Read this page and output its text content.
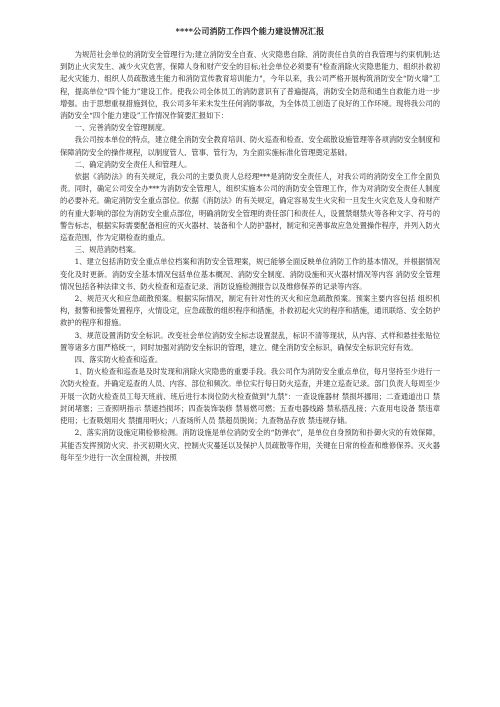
****公司消防工作四个能力建设情况汇报

为规范社会单位的消防安全管理行为;建立消防安全自查、火灾隐患自除、消防责任自负的自我管理与约束机制;达到防止火灾发生、减少火灾危害，保障人身和财产安全的目标;社会单位必须要有"检查消除火灾隐患能力、组织扑救初起火灾能力、组织人员疏散逃生能力和消防宣传教育培训能力"，今年以来，我公司严格开展构筑消防安全“防火墙”工程，提高单位“四个能力”建设工作。使我公司全体员工的消防意识有了普遍提高，消防安全防范和通生自救能力进一步增强。由于思想重视措施到位，我公司多年来未发生任何消防事故，为全体员工创造了良好的工作环境。现将我公司的消防安全“四个能力建设”工作情况作简要汇报如下：

一、完善消防安全管理制度。

我公司按本单位的特点，建立健全消防安全教育培训、防火巡查和检查、安全疏散设施管理等各项消防安全制度和保障消防安全的操作规程，以制度管人、管事、管行为，为全面实施标准化管理奠定基础。

二、确定消防安全责任人和管理人。

依据《消防法》的有关规定，我公司的主要负责人总经理***是消防安全责任人，对我公司的消防安全工作全面负责。同时，确定公司安全办***为消防安全管理人，组织实施本公司的消防安全管理工作，作为对消防安全责任人制度的必要补充。确定消防安全重点部位。依据《消防法》的有关规定，确定容易发生火灾和一旦发生火灾危及人身和财产的有重大影响的部位为消防安全重点部位，明确消防安全管理的责任部门和责任人，设置禁烟禁火等各种文字、符号的警告标志，根据实际需要配备相应的灭火器材、装备和个人防护器材，制定和完善事故应急处置操作程序，并列入防火巡查范围，作为定期检查的重点。

三、规范消防档案。

1、建立包括消防安全重点单位档案和消防安全管理案，规已能够全面反映单位消防工作的基本情况，并根据情况变化及时更新。消防安全基本情况包括单位基本概况、消防安全制度、消防设施和灭火器材情况等内容 消防安全管理情况包括各种法律文书、防火检查和巡查记录、消防设施检测报告以及维修保养的记录等内容。

2、规范灭火和应急疏散预案。根据实际情况，制定有针对性的灭火和应急疏散预案。预案主要内容包括 组织机构，报警和接警处置程序，火情设定，应急疏散的组织程序和措施，扑救初起火灾的程序和措施，通讯联络、安全防护救护的程序和措施。

3、规范设置消防安全标识。改变社会单位消防安全标志设置混乱，标识不清等现状，从内容、式样和悬挂张贴位置等诸多方面严格统一，同时加强对消防安全标识的管理，建立、健全消防安全标识，确保安全标识完好有效。

四、落实防火检查和巡查。

1、防火检查和巡查是及时发现和消除火灾隐患的重要手段。我公司作为消防安全重点单位，每月坚持至少进行一次防火检查。并确定巡查的人员、内容、部位和频次。单位实行每日防火巡查，并建立巡查记录。部门负责人每周至少开展一次防火检查员工每天班前、班后进行本岗位防火检查做到"九禁"：一查设施器材 禁损坏挪用；二查通道出口 禁封闭堵塞；三查照明指示 禁遮挡损坏；四查装饰装修 禁易燃可燃；五查电器线路 禁私搭乱接；六查用电设备 禁违章使用；七查吸烟用火 禁擅用明火；八查场所人员 禁超员脱岗；九查物品存放 禁违规存储。

2、落实消防设施定期检修检测。消防设施是单位消防安全的“防弹衣”，是单位自身预防和扑御火灾的有效保障，其能否发挥预防火灾、扑灭初期火灾、控制火灾蔓延以及保护人员疏散等作用，关键在日常的检查和维修保养。灭火器每年至少进行一次全面检测，并按照
